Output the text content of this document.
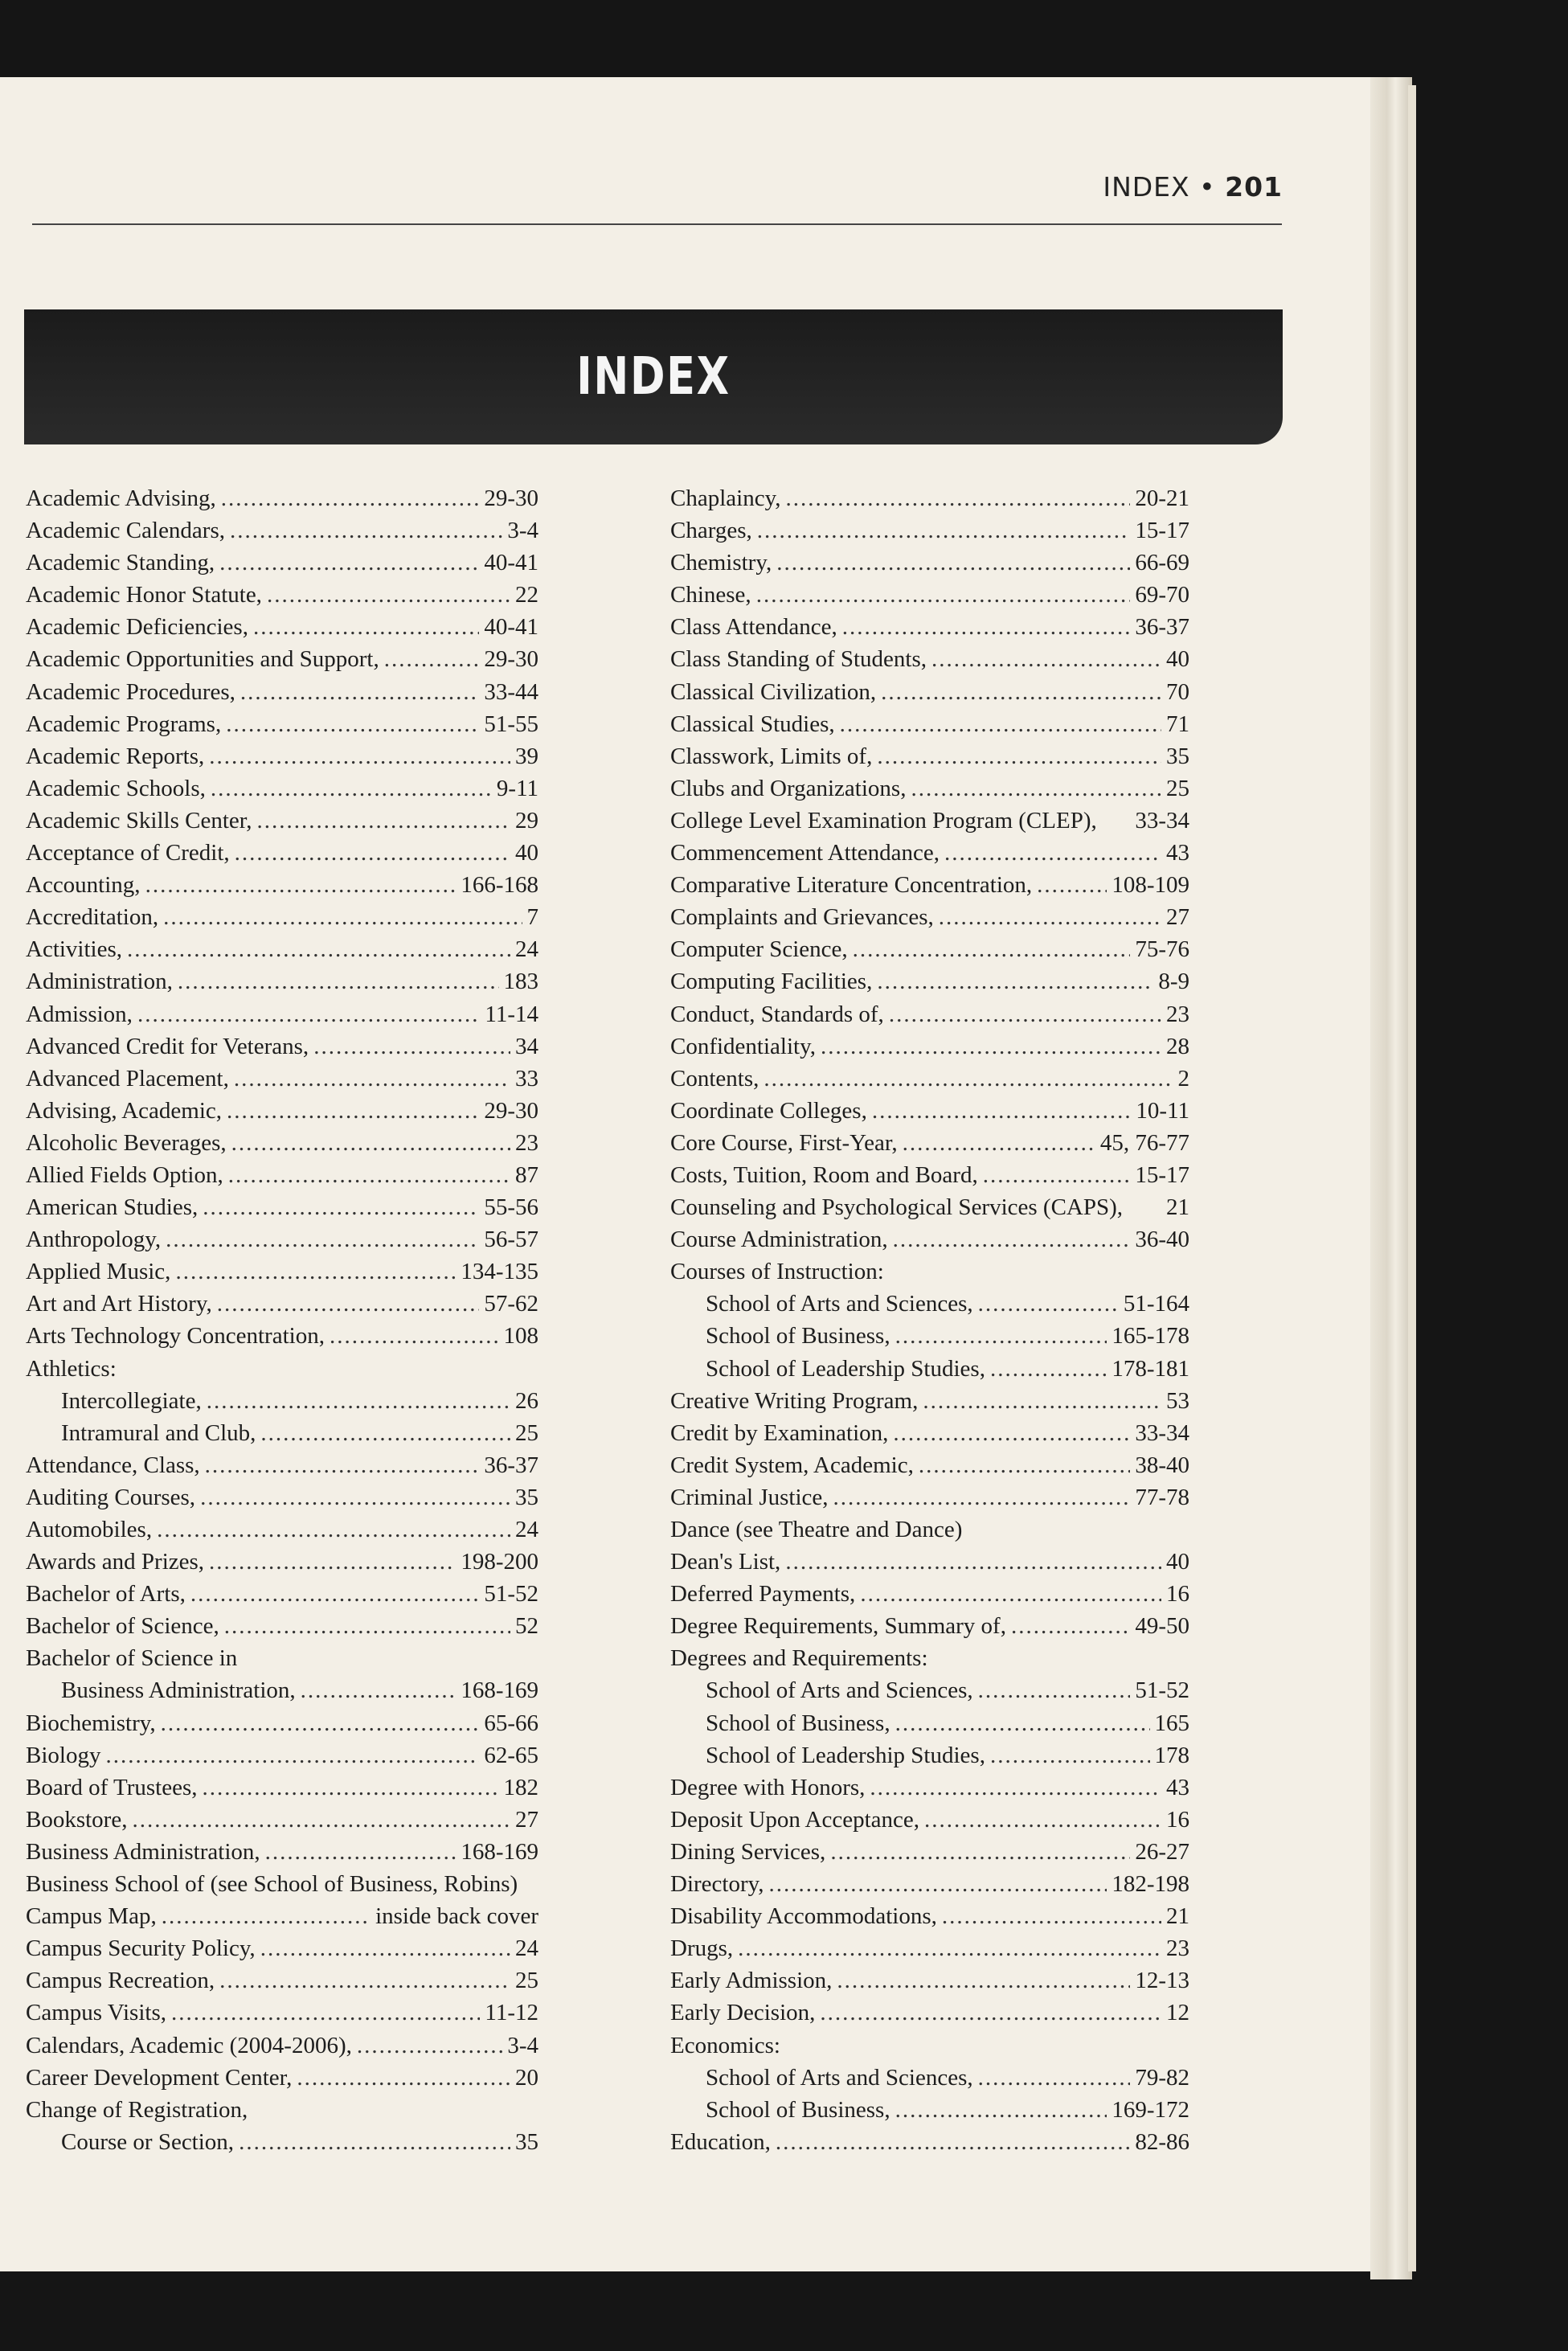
INDEX • 201
INDEX
Academic Advising, .....	29-30
Academic Calendars, .....	3-4
Academic Standing, .....	40-41
Academic Honor Statute, .....	22
Academic Deficiencies, .....	40-41
Academic Opportunities and Support, .....	29-30
Academic Procedures, .....	33-44
Academic Programs, .....	51-55
Academic Reports, .....	39
Academic Schools, .....	9-11
Academic Skills Center, .....	29
Acceptance of Credit, .....	40
Accounting, .....	166-168
Accreditation, .....	7
Activities, .....	24
Administration, .....	183
Admission, .....	11-14
Advanced Credit for Veterans, .....	34
Advanced Placement, .....	33
Advising, Academic, .....	29-30
Alcoholic Beverages, .....	23
Allied Fields Option, .....	87
American Studies, .....	55-56
Anthropology, .....	56-57
Applied Music, .....	134-135
Art and Art History, .....	57-62
Arts Technology Concentration, .....	108
Athletics:
Intercollegiate, .....	26
Intramural and Club, .....	25
Attendance, Class, .....	36-37
Auditing Courses, .....	35
Automobiles, .....	24
Awards and Prizes, .....	198-200
Bachelor of Arts, .....	51-52
Bachelor of Science, .....	52
Bachelor of Science in
Business Administration, .....	168-169
Biochemistry, .....	65-66
Biology .....	62-65
Board of Trustees, .....	182
Bookstore, .....	27
Business Administration, .....	168-169
Business School of (see School of Business, Robins)
Campus Map, .....	inside back cover
Campus Security Policy, .....	24
Campus Recreation, .....	25
Campus Visits, .....	11-12
Calendars, Academic (2004-2006), .....	3-4
Career Development Center, .....	20
Change of Registration,
Course or Section, .....	35
Chaplaincy, .....	20-21
Charges, .....	15-17
Chemistry, .....	66-69
Chinese, .....	69-70
Class Attendance, .....	36-37
Class Standing of Students, .....	40
Classical Civilization, .....	70
Classical Studies, .....	71
Classwork, Limits of, .....	35
Clubs and Organizations, .....	25
College Level Examination Program (CLEP), 33-34
Commencement Attendance, .....	43
Comparative Literature Concentration, .....	108-109
Complaints and Grievances, .....	27
Computer Science, .....	75-76
Computing Facilities, .....	8-9
Conduct, Standards of, .....	23
Confidentiality, .....	28
Contents, .....	2
Coordinate Colleges, .....	10-11
Core Course, First-Year, .....	45, 76-77
Costs, Tuition, Room and Board, .....	15-17
Counseling and Psychological Services (CAPS), 21
Course Administration, .....	36-40
Courses of Instruction:
School of Arts and Sciences, .....	51-164
School of Business, .....	165-178
School of Leadership Studies, .....	178-181
Creative Writing Program, .....	53
Credit by Examination, .....	33-34
Credit System, Academic, .....	38-40
Criminal Justice, .....	77-78
Dance (see Theatre and Dance)
Dean's List, .....	40
Deferred Payments, .....	16
Degree Requirements, Summary of, .....	49-50
Degrees and Requirements:
School of Arts and Sciences, .....	51-52
School of Business, .....	165
School of Leadership Studies, .....	178
Degree with Honors, .....	43
Deposit Upon Acceptance, .....	16
Dining Services, .....	26-27
Directory, .....	182-198
Disability Accommodations, .....	21
Drugs, .....	23
Early Admission, .....	12-13
Early Decision, .....	12
Economics:
School of Arts and Sciences, .....	79-82
School of Business, .....	169-172
Education, .....	82-86
